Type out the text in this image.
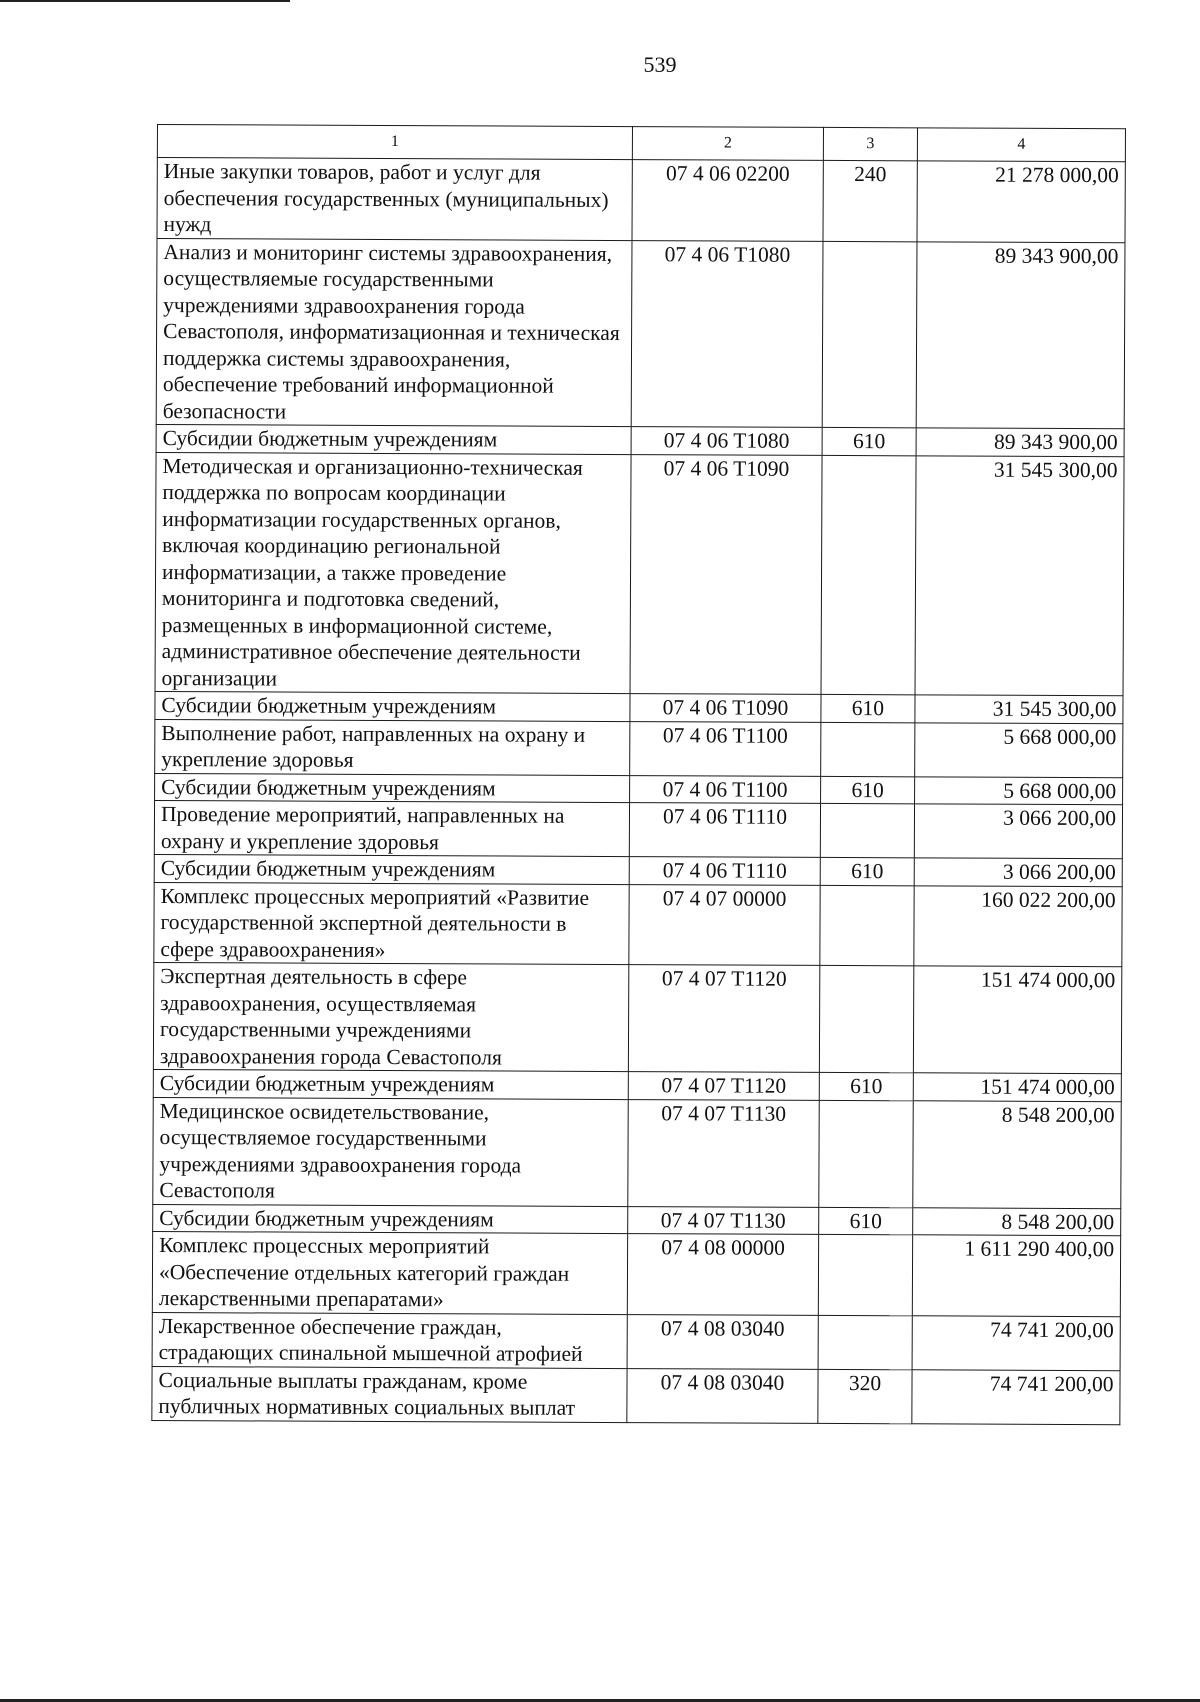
539
1	2	3	4
Иные закупки товаров, работ и услуг для обеспечения государственных (муниципальных) нужд	07 4 06 02200	240	21 278 000,00
Анализ и мониторинг системы здравоохранения, осуществляемые государственными учреждениями здравоохранения города Севастополя, информатизационная и техническая поддержка системы здравоохранения, обеспечение требований информационной безопасности	07 4 06 T1080		89 343 900,00
Субсидии бюджетным учреждениям	07 4 06 T1080	610	89 343 900,00
Методическая и организационно-техническая поддержка по вопросам координации информатизации государственных органов, включая координацию региональной информатизации, а также проведение мониторинга и подготовка сведений, размещенных в информационной системе, административное обеспечение деятельности организации	07 4 06 T1090		31 545 300,00
Субсидии бюджетным учреждениям	07 4 06 T1090	610	31 545 300,00
Выполнение работ, направленных на охрану и укрепление здоровья	07 4 06 T1100		5 668 000,00
Субсидии бюджетным учреждениям	07 4 06 T1100	610	5 668 000,00
Проведение мероприятий, направленных на охрану и укрепление здоровья	07 4 06 T1110		3 066 200,00
Субсидии бюджетным учреждениям	07 4 06 T1110	610	3 066 200,00
Комплекс процессных мероприятий «Развитие государственной экспертной деятельности в сфере здравоохранения»	07 4 07 00000		160 022 200,00
Экспертная деятельность в сфере здравоохранения, осуществляемая государственными учреждениями здравоохранения города Севастополя	07 4 07 T1120		151 474 000,00
Субсидии бюджетным учреждениям	07 4 07 T1120	610	151 474 000,00
Медицинское освидетельствование, осуществляемое государственными учреждениями здравоохранения города Севастополя	07 4 07 T1130		8 548 200,00
Субсидии бюджетным учреждениям	07 4 07 T1130	610	8 548 200,00
Комплекс процессных мероприятий «Обеспечение отдельных категорий граждан лекарственными препаратами»	07 4 08 00000		1 611 290 400,00
Лекарственное обеспечение граждан, страдающих спинальной мышечной атрофией	07 4 08 03040		74 741 200,00
Социальные выплаты гражданам, кроме публичных нормативных социальных выплат	07 4 08 03040	320	74 741 200,00
